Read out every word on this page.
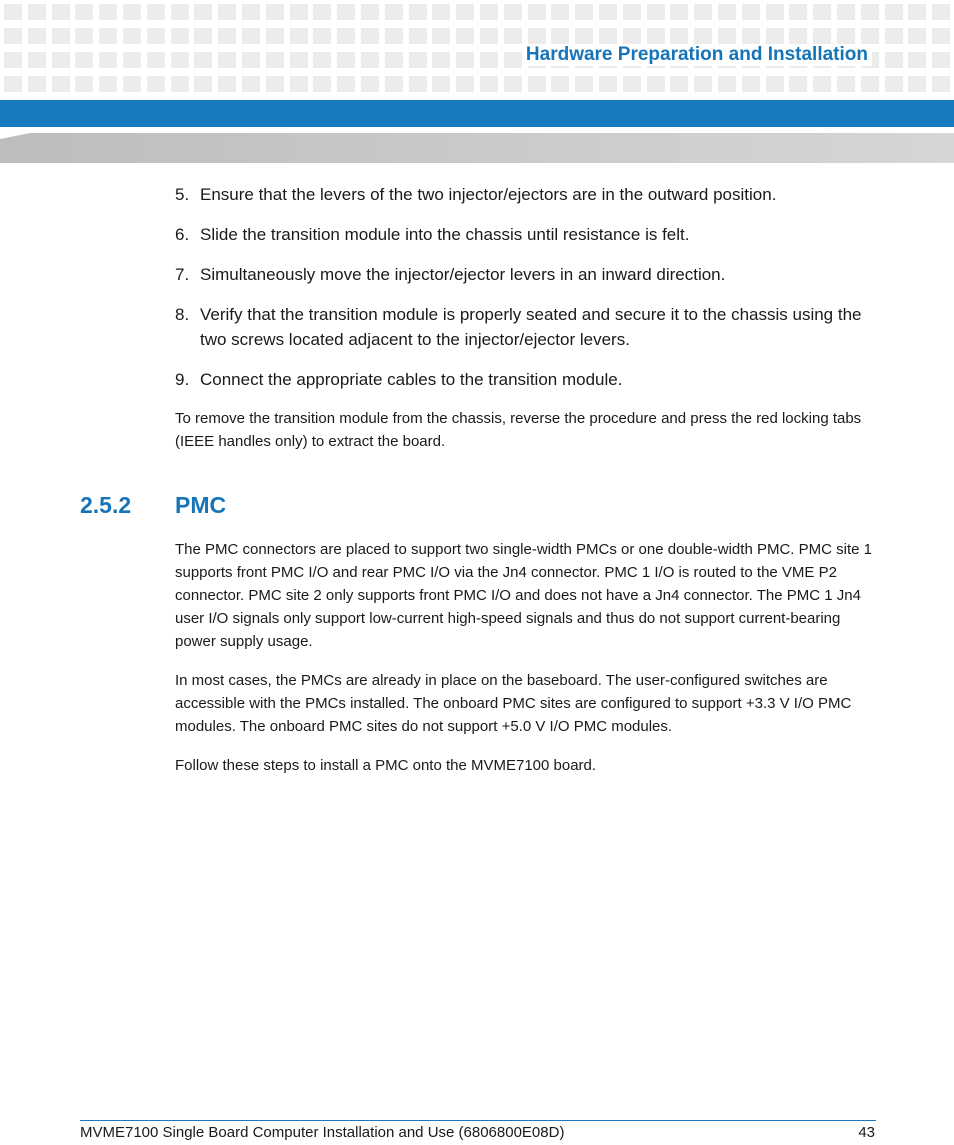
Hardware Preparation and Installation
5. Ensure that the levers of the two injector/ejectors are in the outward position.
6. Slide the transition module into the chassis until resistance is felt.
7. Simultaneously move the injector/ejector levers in an inward direction.
8. Verify that the transition module is properly seated and secure it to the chassis using the two screws located adjacent to the injector/ejector levers.
9. Connect the appropriate cables to the transition module.

To remove the transition module from the chassis, reverse the procedure and press the red locking tabs (IEEE handles only) to extract the board.

2.5.2 PMC

The PMC connectors are placed to support two single-width PMCs or one double-width PMC. PMC site 1 supports front PMC I/O and rear PMC I/O via the Jn4 connector. PMC 1 I/O is routed to the VME P2 connector. PMC site 2 only supports front PMC I/O and does not have a Jn4 connector. The PMC 1 Jn4 user I/O signals only support low-current high-speed signals and thus do not support current-bearing power supply usage.

In most cases, the PMCs are already in place on the baseboard. The user-configured switches are accessible with the PMCs installed. The onboard PMC sites are configured to support +3.3 V I/O PMC modules. The onboard PMC sites do not support +5.0 V I/O PMC modules.

Follow these steps to install a PMC onto the MVME7100 board.

MVME7100 Single Board Computer Installation and Use (6806800E08D)	43
